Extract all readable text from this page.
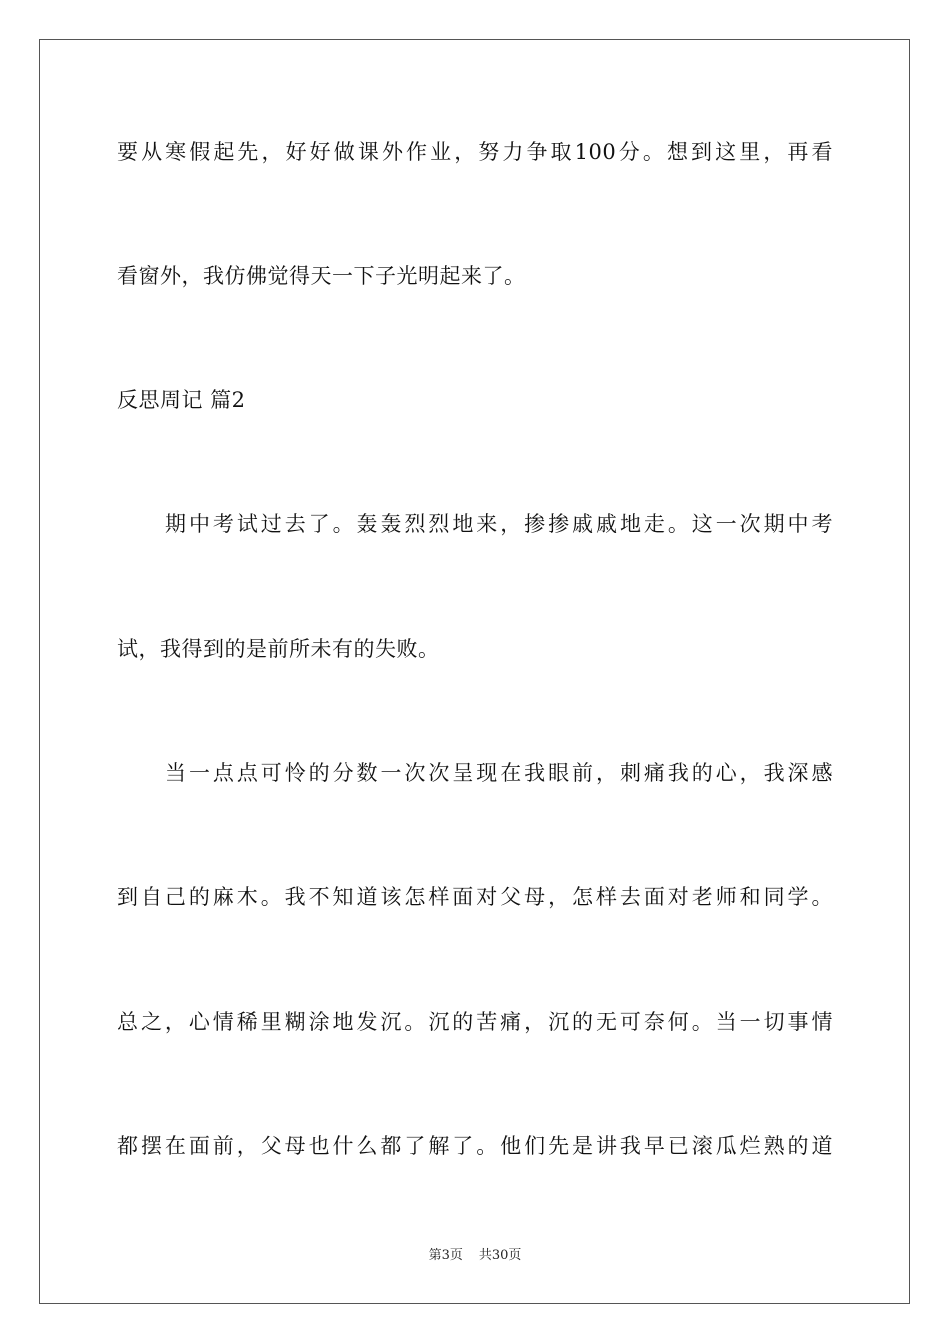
要从寒假起先，好好做课外作业，努力争取100分。想到这里，再看
看窗外，我仿佛觉得天一下子光明起来了。
反思周记 篇2
期中考试过去了。轰轰烈烈地来，掺掺戚戚地走。这一次期中考
试，我得到的是前所未有的失败。
当一点点可怜的分数一次次呈现在我眼前，刺痛我的心，我深感
到自己的麻木。我不知道该怎样面对父母，怎样去面对老师和同学。
总之，心情稀里糊涂地发沉。沉的苦痛，沉的无可奈何。当一切事情
都摆在面前，父母也什么都了解了。他们先是讲我早已滚瓜烂熟的道
第3页 共30页
